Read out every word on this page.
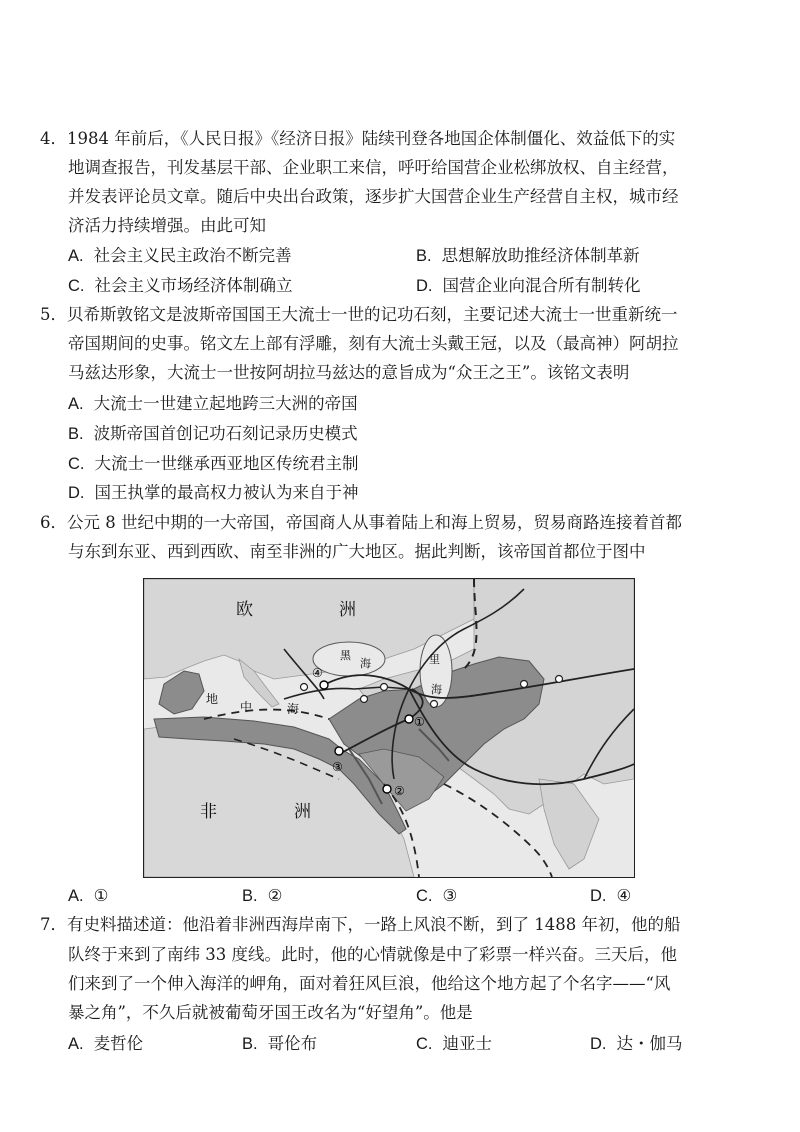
4．1984 年前后，《人民日报》《经济日报》陆续刊登各地国企体制僵化、效益低下的实
地调查报告，刊发基层干部、企业职工来信，呼吁给国营企业松绑放权、自主经营，
并发表评论员文章。随后中央出台政策，逐步扩大国营企业生产经营自主权，城市经
济活力持续增强。由此可知
A. 社会主义民主政治不断完善	B. 思想解放助推经济体制革新
C. 社会主义市场经济体制确立	D. 国营企业向混合所有制转化
5．贝希斯敦铭文是波斯帝国国王大流士一世的记功石刻，主要记述大流士一世重新统一
帝国期间的史事。铭文左上部有浮雕，刻有大流士头戴王冠，以及（最高神）阿胡拉
马兹达形象，大流士一世按阿胡拉马兹达的意旨成为“众王之王”。该铭文表明
A. 大流士一世建立起地跨三大洲的帝国
B. 波斯帝国首创记功石刻记录历史模式
C. 大流士一世继承西亚地区传统君主制
D. 国王执掌的最高权力被认为来自于神
6．公元 8 世纪中期的一大帝国，帝国商人从事着陆上和海上贸易，贸易商路连接着首都
与东到东亚、西到西欧、南至非洲的广大地区。据此判断，该帝国首都位于图中
④
①
③
②
欧	洲
非	洲
地
中	海
黑
海	里
海
A. ①	B. ②	C. ③	D. ④
7．有史料描述道：他沿着非洲西海岸南下，一路上风浪不断，到了 1488 年初，他的船
队终于来到了南纬 33 度线。此时，他的心情就像是中了彩票一样兴奋。三天后，他
们来到了一个伸入海洋的岬角，面对着狂风巨浪，他给这个地方起了个名字——“风
暴之角”，不久后就被葡萄牙国王改名为“好望角”。他是
A. 麦哲伦	B. 哥伦布	C. 迪亚士	D. 达・伽马
